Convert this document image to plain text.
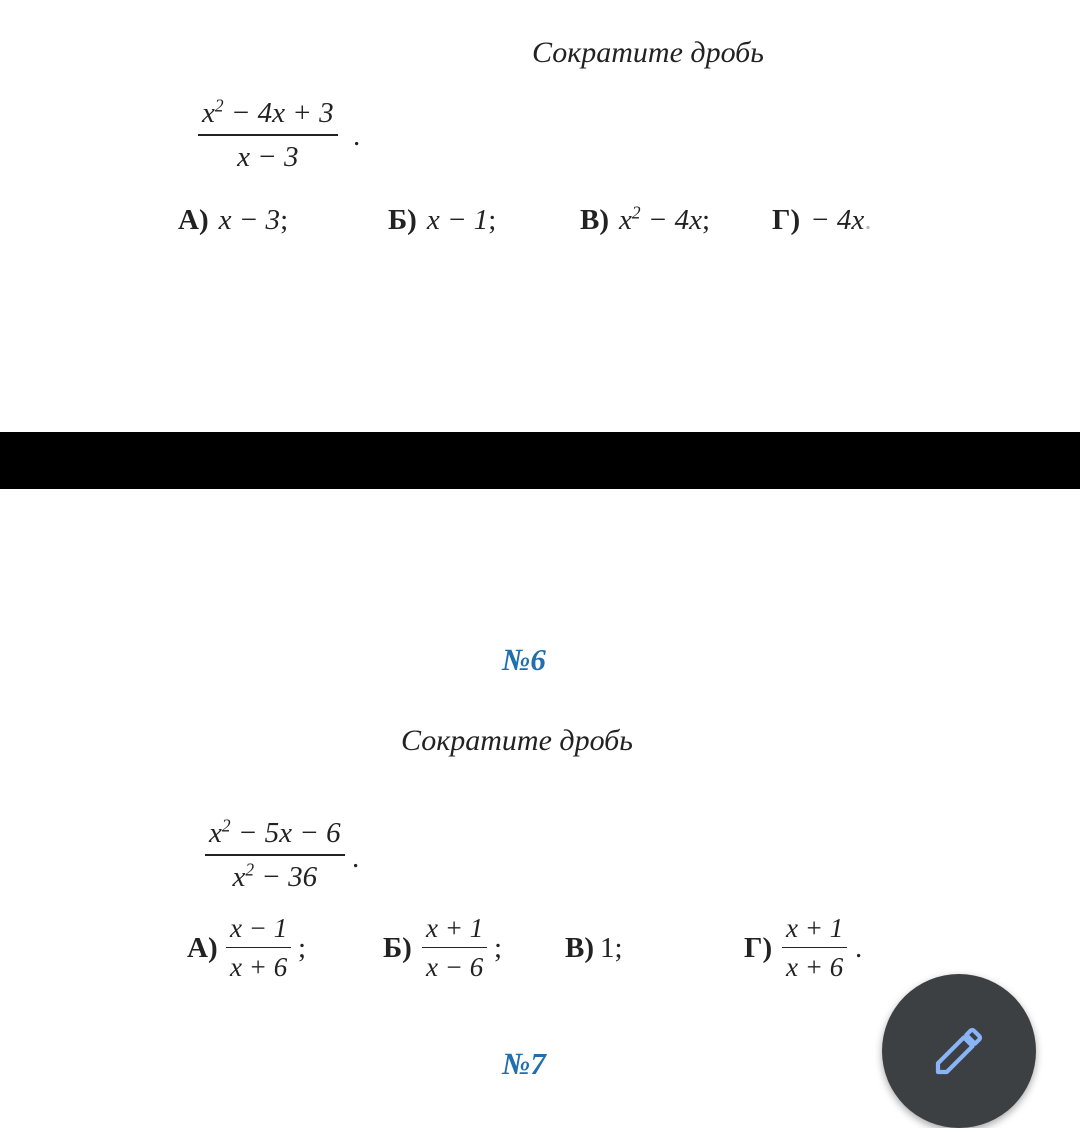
Сократите дробь
$x^2 - 4x + 3$
x − 3
.
А) x − 3;	Б) x − 1;	В) $x^2 - 4x$; Г) − 4x.
№6
Сократите дробь
$x^2 - 5x - 6$
$x^2 - 36$
.
А)
x − 1
x + 6
;	Б)
x + 1
x − 6
; В) 1;	Г)
x + 1
x + 6
.
№7
